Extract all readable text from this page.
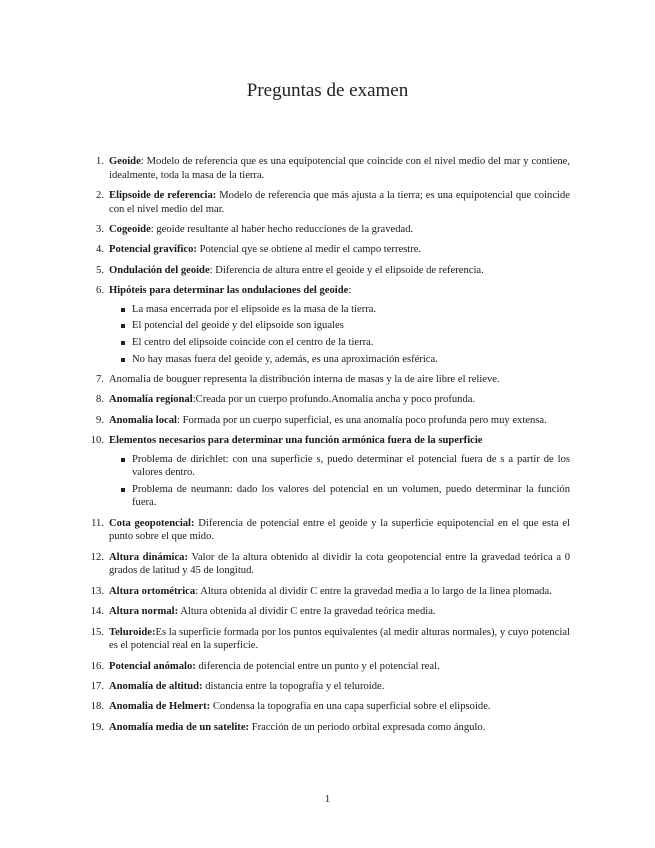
Preguntas de examen
1. Geoide: Modelo de referencia que es una equipotencial que coincide con el nivel medio del mar y contiene, idealmente, toda la masa de la tierra.
2. Elipsoide de referencia: Modelo de referencia que más ajusta a la tierra; es una equipotencial que coincide con el nivel medio del mar.
3. Cogeoide: geoide resultante al haber hecho reducciones de la gravedad.
4. Potencial gravífico: Potencial qye se obtiene al medir el campo terrestre.
5. Ondulación del geoide: Diferencia de altura entre el geoide y el elipsoide de referencia.
6. Hipóteis para determinar las ondulaciones del geoide:
La masa encerrada por el elipsoide es la masa de la tierra.
El potencial del geoide y del elipsoide son iguales
El centro del elipsoide coincide con el centro de la tierra.
No hay masas fuera del geoide y, además, es una aproximación esférica.
7. Anomalia de bouguer representa la distribución interna de masas y la de aire libre el relieve.
8. Anomalía regional:Creada por un cuerpo profundo.Anomalía ancha y poco profunda.
9. Anomalia local: Formada por un cuerpo superficial, es una anomalía poco profunda pero muy extensa.
10. Elementos necesarios para determinar una función armónica fuera de la superficie
Problema de dirichlet: con una superficie s, puedo determinar el potencial fuera de s a partir de los valores dentro.
Problema de neumann: dado los valores del potencial en un volumen, puedo determinar la función fuera.
11. Cota geopotencial: Diferencia de potencial entre el geoide y la superficie equipotencial en el que esta el punto sobre el que mido.
12. Altura dinámica: Valor de la altura obtenido al dividir la cota geopotencial entre la gravedad teórica a 0 grados de latitud y 45 de longitud.
13. Altura ortométrica: Altura obtenida al dividir C entre la gravedad media a lo largo de la linea plomada.
14. Altura normal: Altura obtenida al dividir C entre la gravedad teórica media.
15. Teluroide:Es la superficie formada por los puntos equivalentes (al medir alturas normales), y cuyo potencial es el potencial real en la superficie.
16. Potencial anómalo: diferencia de potencial entre un punto y el potencial real.
17. Anomalía de altitud: distancia entre la topografía y el teluroide.
18. Anomalia de Helmert: Condensa la topografía en una capa superficial sobre el elipsoide.
19. Anomalía media de un satelite: Fracción de un periodo orbital expresada como ángulo.
1
